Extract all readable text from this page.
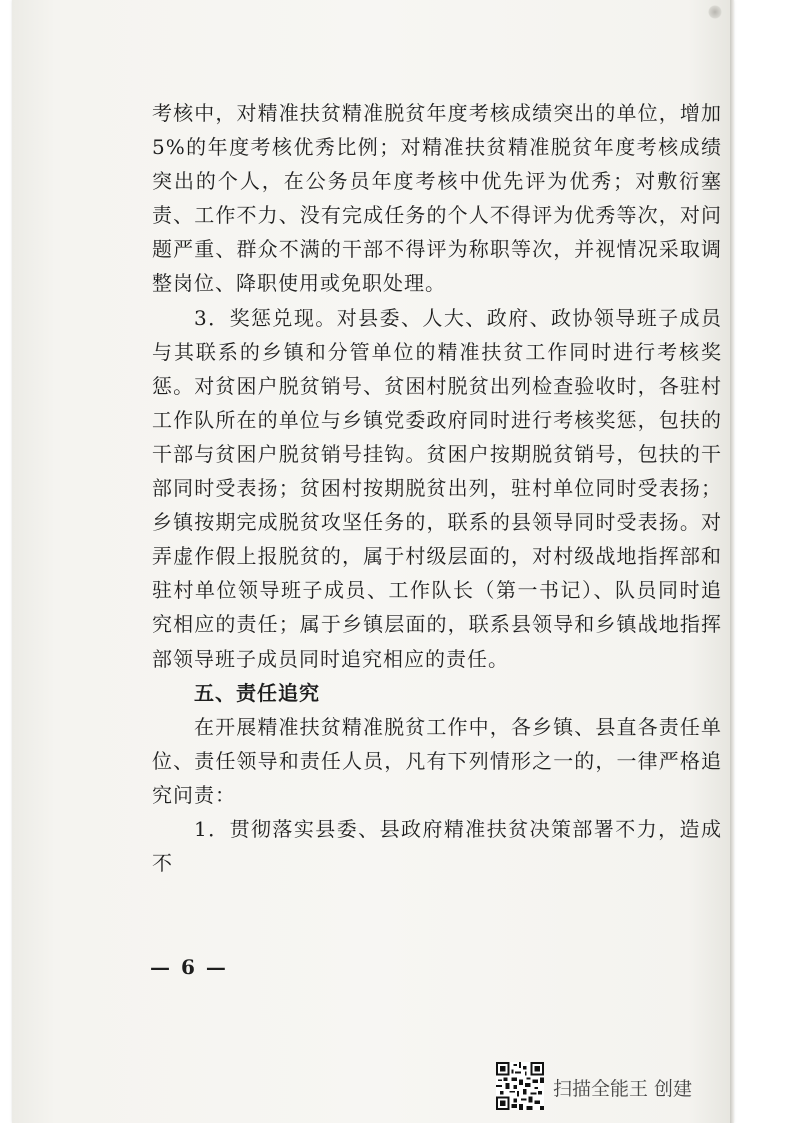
考核中，对精准扶贫精准脱贫年度考核成绩突出的单位，增加5%的年度考核优秀比例；对精准扶贫精准脱贫年度考核成绩突出的个人，在公务员年度考核中优先评为优秀；对敷衍塞责、工作不力、没有完成任务的个人不得评为优秀等次，对问题严重、群众不满的干部不得评为称职等次，并视情况采取调整岗位、降职使用或免职处理。

3．奖惩兑现。对县委、人大、政府、政协领导班子成员与其联系的乡镇和分管单位的精准扶贫工作同时进行考核奖惩。对贫困户脱贫销号、贫困村脱贫出列检查验收时，各驻村工作队所在的单位与乡镇党委政府同时进行考核奖惩，包扶的干部与贫困户脱贫销号挂钩。贫困户按期脱贫销号，包扶的干部同时受表扬；贫困村按期脱贫出列，驻村单位同时受表扬；乡镇按期完成脱贫攻坚任务的，联系的县领导同时受表扬。对弄虚作假上报脱贫的，属于村级层面的，对村级战地指挥部和驻村单位领导班子成员、工作队长（第一书记）、队员同时追究相应的责任；属于乡镇层面的，联系县领导和乡镇战地指挥部领导班子成员同时追究相应的责任。

五、责任追究

在开展精准扶贫精准脱贫工作中，各乡镇、县直各责任单位、责任领导和责任人员，凡有下列情形之一的，一律严格追究问责：

1．贯彻落实县委、县政府精准扶贫决策部署不力，造成不

— 6 —
扫描全能王 创建
